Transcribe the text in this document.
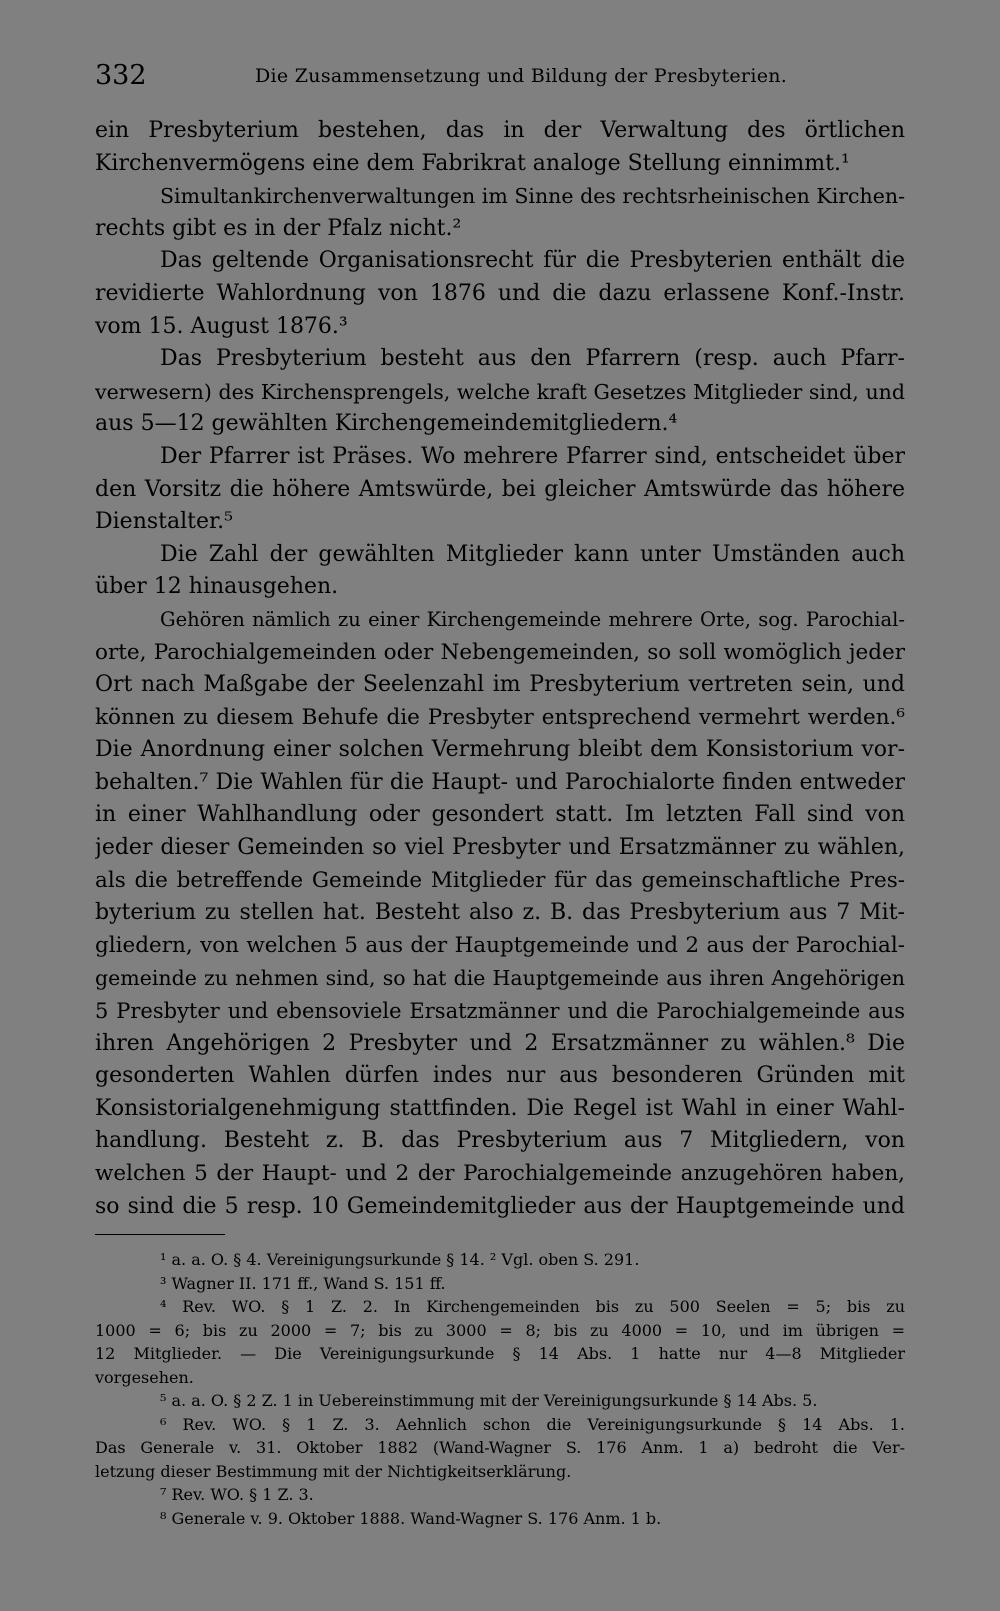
332	Die Zusammensetzung und Bildung der Presbyterien.
ein Presbyterium bestehen, das in der Verwaltung des örtlichen
Kirchenvermögens eine dem Fabrikrat analoge Stellung einnimmt.¹
Simultankirchenverwaltungen im Sinne des rechtsrheinischen Kirchen-
rechts gibt es in der Pfalz nicht.²
Das geltende Organisationsrecht für die Presbyterien enthält die
revidierte Wahlordnung von 1876 und die dazu erlassene Konf.-Instr.
vom 15. August 1876.³
Das Presbyterium besteht aus den Pfarrern (resp. auch Pfarr-
verwesern) des Kirchensprengels, welche kraft Gesetzes Mitglieder sind, und
aus 5—12 gewählten Kirchengemeindemitgliedern.⁴
Der Pfarrer ist Präses. Wo mehrere Pfarrer sind, entscheidet über
den Vorsitz die höhere Amtswürde, bei gleicher Amtswürde das höhere
Dienstalter.⁵
Die Zahl der gewählten Mitglieder kann unter Umständen auch
über 12 hinausgehen.
Gehören nämlich zu einer Kirchengemeinde mehrere Orte, sog. Parochial-
orte, Parochialgemeinden oder Nebengemeinden, so soll womöglich jeder
Ort nach Maßgabe der Seelenzahl im Presbyterium vertreten sein, und
können zu diesem Behufe die Presbyter entsprechend vermehrt werden.⁶
Die Anordnung einer solchen Vermehrung bleibt dem Konsistorium vor-
behalten.⁷ Die Wahlen für die Haupt- und Parochialorte finden entweder
in einer Wahlhandlung oder gesondert statt. Im letzten Fall sind von
jeder dieser Gemeinden so viel Presbyter und Ersatzmänner zu wählen,
als die betreffende Gemeinde Mitglieder für das gemeinschaftliche Pres-
byterium zu stellen hat. Besteht also z. B. das Presbyterium aus 7 Mit-
gliedern, von welchen 5 aus der Hauptgemeinde und 2 aus der Parochial-
gemeinde zu nehmen sind, so hat die Hauptgemeinde aus ihren Angehörigen
5 Presbyter und ebensoviele Ersatzmänner und die Parochialgemeinde aus
ihren Angehörigen 2 Presbyter und 2 Ersatzmänner zu wählen.⁸ Die
gesonderten Wahlen dürfen indes nur aus besonderen Gründen mit
Konsistorialgenehmigung stattfinden. Die Regel ist Wahl in einer Wahl-
handlung. Besteht z. B. das Presbyterium aus 7 Mitgliedern, von
welchen 5 der Haupt- und 2 der Parochialgemeinde anzugehören haben,
so sind die 5 resp. 10 Gemeindemitglieder aus der Hauptgemeinde und
¹ a. a. O. § 4. Vereinigungsurkunde § 14. ² Vgl. oben S. 291.
³ Wagner II. 171 ff., Wand S. 151 ff.
⁴ Rev. WO. § 1 Z. 2. In Kirchengemeinden bis zu 500 Seelen = 5; bis zu
1000 = 6; bis zu 2000 = 7; bis zu 3000 = 8; bis zu 4000 = 10, und im übrigen =
12 Mitglieder. — Die Vereinigungsurkunde § 14 Abs. 1 hatte nur 4—8 Mitglieder
vorgesehen.
⁵ a. a. O. § 2 Z. 1 in Uebereinstimmung mit der Vereinigungsurkunde § 14 Abs. 5.
⁶ Rev. WO. § 1 Z. 3. Aehnlich schon die Vereinigungsurkunde § 14 Abs. 1.
Das Generale v. 31. Oktober 1882 (Wand-Wagner S. 176 Anm. 1 a) bedroht die Ver-
letzung dieser Bestimmung mit der Nichtigkeitserklärung.
⁷ Rev. WO. § 1 Z. 3.
⁸ Generale v. 9. Oktober 1888. Wand-Wagner S. 176 Anm. 1 b.
